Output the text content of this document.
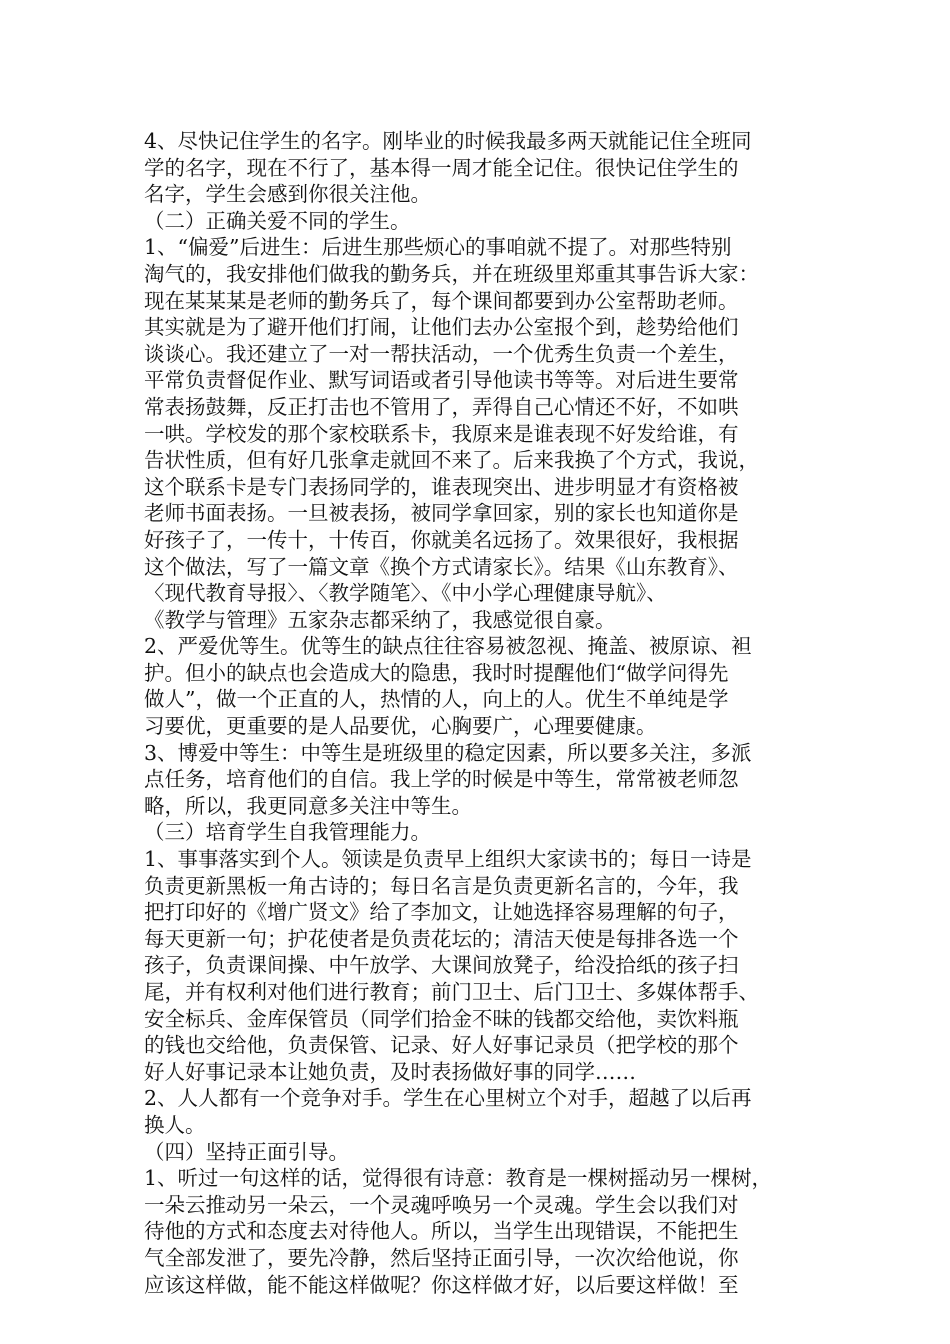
4、尽快记住学生的名字。刚毕业的时候我最多两天就能记住全班同
学的名字，现在不行了，基本得一周才能全记住。很快记住学生的
名字，学生会感到你很关注他。
（二）正确关爱不同的学生。
1、“偏爱”后进生：后进生那些烦心的事咱就不提了。对那些特别
淘气的，我安排他们做我的勤务兵，并在班级里郑重其事告诉大家：
现在某某某是老师的勤务兵了，每个课间都要到办公室帮助老师。
其实就是为了避开他们打闹，让他们去办公室报个到，趁势给他们
谈谈心。我还建立了一对一帮扶活动，一个优秀生负责一个差生，
平常负责督促作业、默写词语或者引导他读书等等。对后进生要常
常表扬鼓舞，反正打击也不管用了，弄得自己心情还不好，不如哄
一哄。学校发的那个家校联系卡，我原来是谁表现不好发给谁，有
告状性质，但有好几张拿走就回不来了。后来我换了个方式，我说，
这个联系卡是专门表扬同学的，谁表现突出、进步明显才有资格被
老师书面表扬。一旦被表扬，被同学拿回家，别的家长也知道你是
好孩子了，一传十，十传百，你就美名远扬了。效果很好，我根据
这个做法，写了一篇文章《换个方式请家长》。结果《山东教育》、
〈现代教育导报〉、〈教学随笔〉、《中小学心理健康导航》、
《教学与管理》五家杂志都采纳了，我感觉很自豪。
2、严爱优等生。优等生的缺点往往容易被忽视、掩盖、被原谅、袒
护。但小的缺点也会造成大的隐患，我时时提醒他们“做学问得先
做人”，做一个正直的人，热情的人，向上的人。优生不单纯是学
习要优，更重要的是人品要优，心胸要广，心理要健康。
3、博爱中等生：中等生是班级里的稳定因素，所以要多关注，多派
点任务，培育他们的自信。我上学的时候是中等生，常常被老师忽
略，所以，我更同意多关注中等生。
（三）培育学生自我管理能力。
1、事事落实到个人。领读是负责早上组织大家读书的；每日一诗是
负责更新黑板一角古诗的；每日名言是负责更新名言的，今年，我
把打印好的《增广贤文》给了李加文，让她选择容易理解的句子，
每天更新一句；护花使者是负责花坛的；清洁天使是每排各选一个
孩子，负责课间操、中午放学、大课间放凳子，给没拾纸的孩子扫
尾，并有权利对他们进行教育；前门卫士、后门卫士、多媒体帮手、
安全标兵、金库保管员（同学们拾金不昧的钱都交给他，卖饮料瓶
的钱也交给他，负责保管、记录、好人好事记录员（把学校的那个
好人好事记录本让她负责，及时表扬做好事的同学……
2、人人都有一个竞争对手。学生在心里树立个对手，超越了以后再
换人。
（四）坚持正面引导。
1、听过一句这样的话，觉得很有诗意：教育是一棵树摇动另一棵树，
一朵云推动另一朵云，一个灵魂呼唤另一个灵魂。学生会以我们对
待他的方式和态度去对待他人。所以，当学生出现错误，不能把生
气全部发泄了，要先冷静，然后坚持正面引导，一次次给他说，你
应该这样做，能不能这样做呢？你这样做才好，以后要这样做！至
